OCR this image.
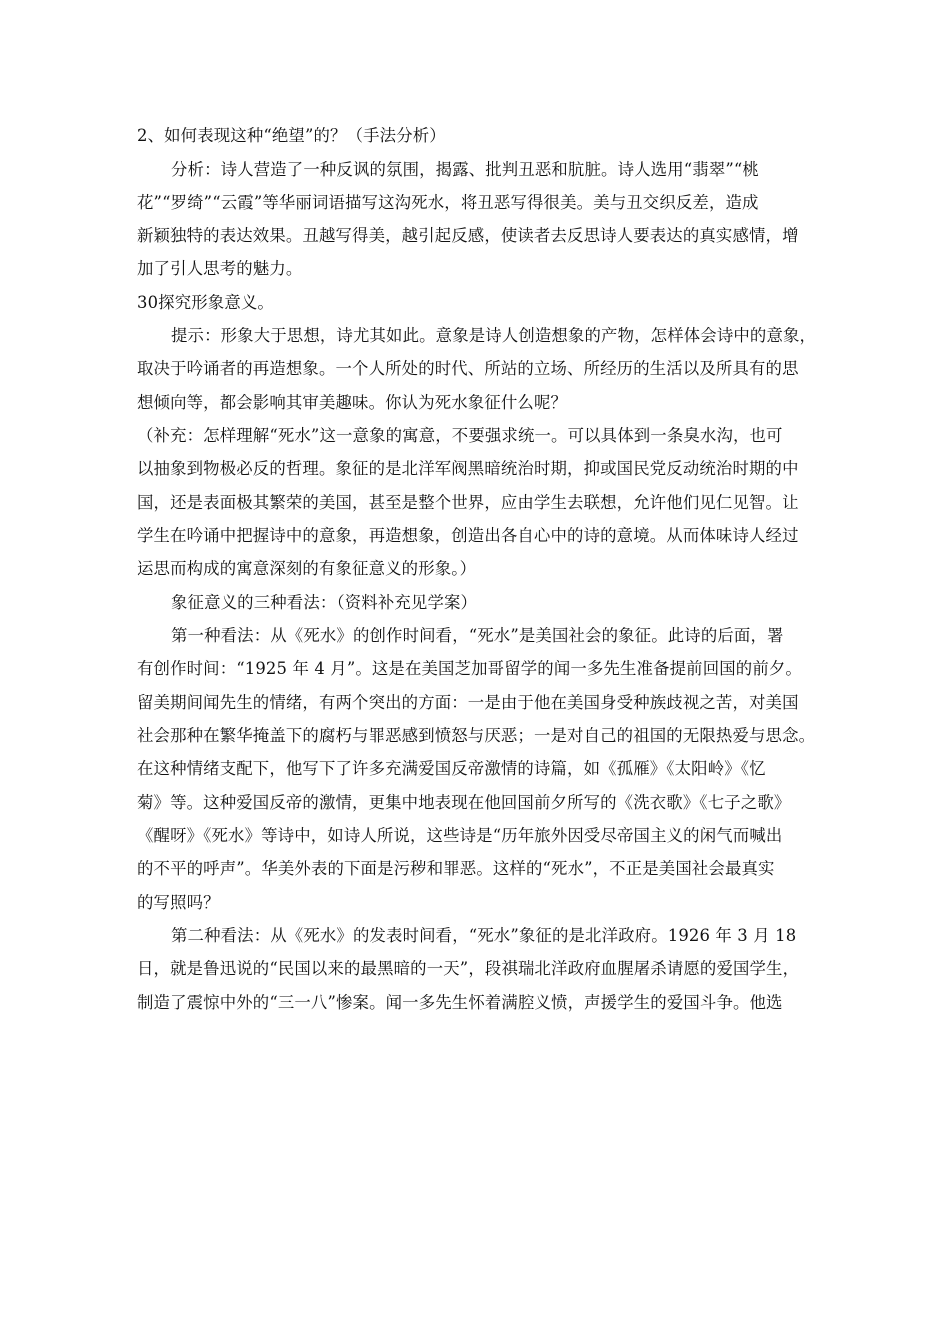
2、如何表现这种“绝望”的？（手法分析）
分析：诗人营造了一种反讽的氛围，揭露、批判丑恶和肮脏。诗人选用“翡翠”“桃
花”“罗绮”“云霞”等华丽词语描写这沟死水，将丑恶写得很美。美与丑交织反差，造成
新颖独特的表达效果。丑越写得美，越引起反感，使读者去反思诗人要表达的真实感情，增
加了引人思考的魅力。
30探究形象意义。
提示：形象大于思想，诗尤其如此。意象是诗人创造想象的产物，怎样体会诗中的意象，
取决于吟诵者的再造想象。一个人所处的时代、所站的立场、所经历的生活以及所具有的思
想倾向等，都会影响其审美趣味。你认为死水象征什么呢？
（补充：怎样理解“死水”这一意象的寓意，不要强求统一。可以具体到一条臭水沟，也可
以抽象到物极必反的哲理。象征的是北洋军阀黑暗统治时期，抑或国民党反动统治时期的中
国，还是表面极其繁荣的美国，甚至是整个世界，应由学生去联想，允许他们见仁见智。让
学生在吟诵中把握诗中的意象，再造想象，创造出各自心中的诗的意境。从而体味诗人经过
运思而构成的寓意深刻的有象征意义的形象。）
象征意义的三种看法：（资料补充见学案）
第一种看法：从《死水》的创作时间看，“死水”是美国社会的象征。此诗的后面，署
有创作时间：“1925 年 4 月”。这是在美国芝加哥留学的闻一多先生准备提前回国的前夕。
留美期间闻先生的情绪，有两个突出的方面：一是由于他在美国身受种族歧视之苦，对美国
社会那种在繁华掩盖下的腐朽与罪恶感到愤怒与厌恶；一是对自己的祖国的无限热爱与思念。
在这种情绪支配下，他写下了许多充满爱国反帝激情的诗篇，如《孤雁》《太阳岭》《忆
菊》等。这种爱国反帝的激情，更集中地表现在他回国前夕所写的《洗衣歌》《七子之歌》
《醒呀》《死水》等诗中，如诗人所说，这些诗是“历年旅外因受尽帝国主义的闲气而喊出
的不平的呼声”。华美外表的下面是污秽和罪恶。这样的“死水”，不正是美国社会最真实
的写照吗？
第二种看法：从《死水》的发表时间看，“死水”象征的是北洋政府。1926 年 3 月 18
日，就是鲁迅说的“民国以来的最黑暗的一天”，段祺瑞北洋政府血腥屠杀请愿的爱国学生，
制造了震惊中外的“三一八”惨案。闻一多先生怀着满腔义愤，声援学生的爱国斗争。他选
